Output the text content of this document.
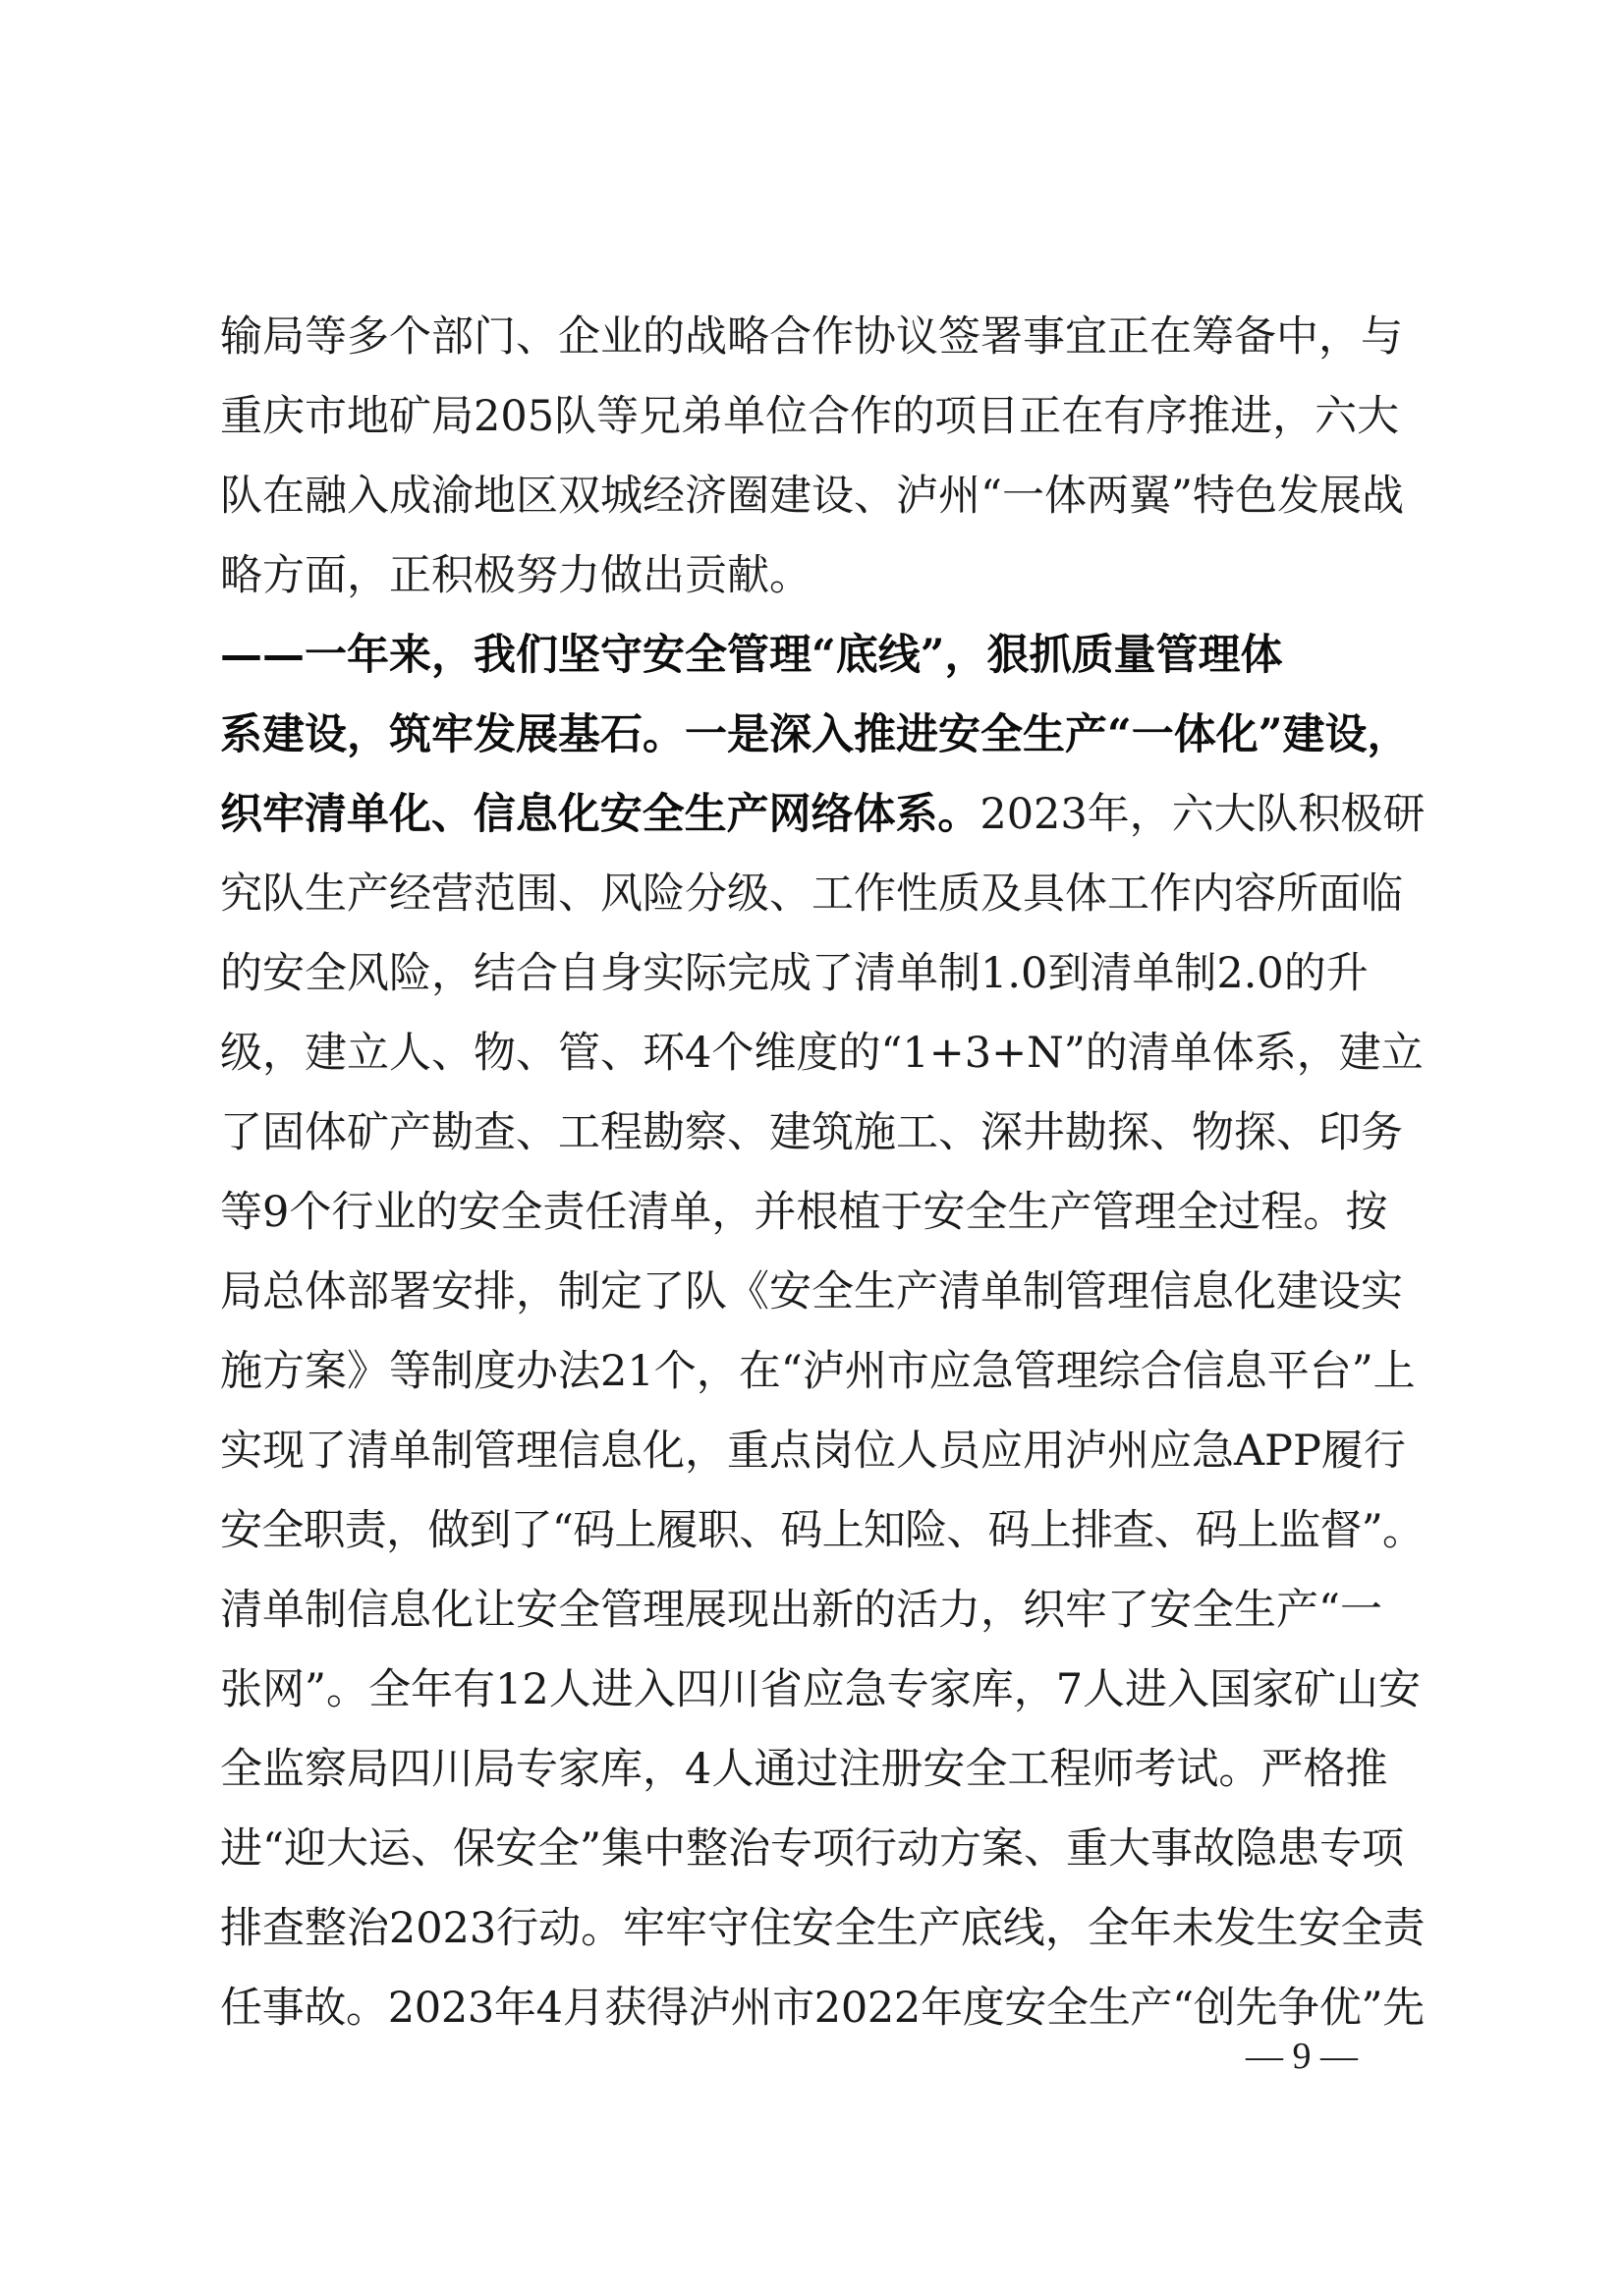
输局等多个部门、企业的战略合作协议签署事宜正在筹备中，与
重庆市地矿局205队等兄弟单位合作的项目正在有序推进，六大
队在融入成渝地区双城经济圈建设、泸州“一体两翼”特色发展战
略方面，正积极努力做出贡献。
——一年来，我们坚守安全管理“底线”，狠抓质量管理体
系建设，筑牢发展基石。一是深入推进安全生产“一体化”建设，
织牢清单化、信息化安全生产网络体系。2023年，六大队积极研
究队生产经营范围、风险分级、工作性质及具体工作内容所面临
的安全风险，结合自身实际完成了清单制1.0到清单制2.0的升
级，建立人、物、管、环4个维度的“1+3+N”的清单体系，建立
了固体矿产勘查、工程勘察、建筑施工、深井勘探、物探、印务
等9个行业的安全责任清单，并根植于安全生产管理全过程。按
局总体部署安排，制定了队《安全生产清单制管理信息化建设实
施方案》等制度办法21个，在“泸州市应急管理综合信息平台”上
实现了清单制管理信息化，重点岗位人员应用泸州应急APP履行
安全职责，做到了“码上履职、码上知险、码上排查、码上监督”。
清单制信息化让安全管理展现出新的活力，织牢了安全生产“一
张网”。全年有12人进入四川省应急专家库，7人进入国家矿山安
全监察局四川局专家库，4人通过注册安全工程师考试。严格推
进“迎大运、保安全”集中整治专项行动方案、重大事故隐患专项
排查整治2023行动。牢牢守住安全生产底线，全年未发生安全责
任事故。2023年4月获得泸州市2022年度安全生产“创先争优”先
— 9 —
